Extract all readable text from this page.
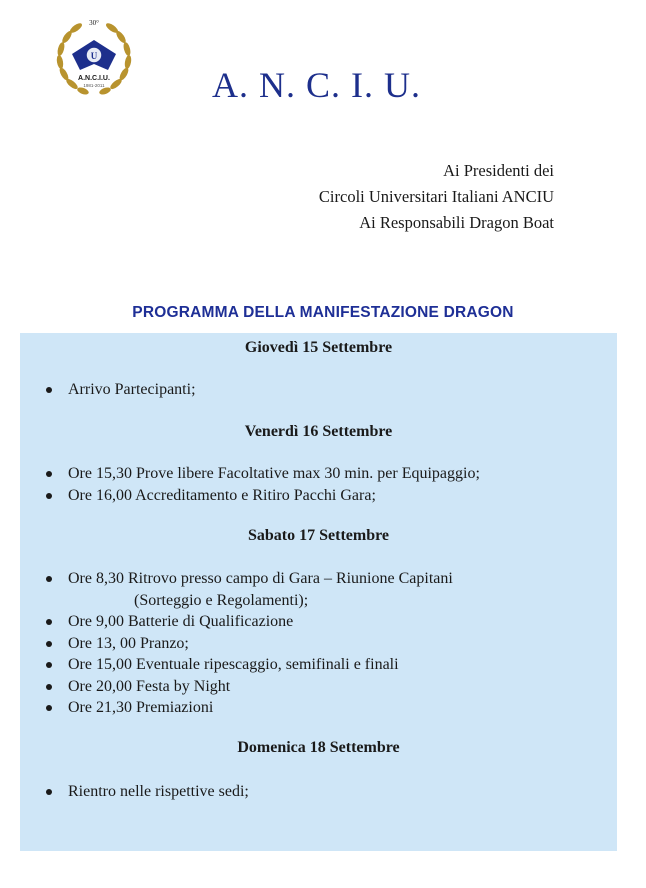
U
30°
A.N.C.I.U.
1981-2011	A. N. C. I. U.
Ai Presidenti dei
Circoli Universitari Italiani ANCIU
Ai Responsabili Dragon Boat
PROGRAMMA DELLA MANIFESTAZIONE DRAGON
Giovedì 15 Settembre
Arrivo Partecipanti;
Venerdì 16 Settembre
Ore 15,30 Prove libere Facoltative max 30 min. per Equipaggio;
Ore 16,00 Accreditamento e Ritiro Pacchi Gara;
Sabato 17 Settembre
Ore 8,30 Ritrovo presso campo di Gara – Riunione Capitani
(Sorteggio e Regolamenti);
Ore 9,00 Batterie di Qualificazione
Ore 13, 00 Pranzo;
Ore 15,00 Eventuale ripescaggio, semifinali e finali
Ore 20,00 Festa by Night
Ore 21,30 Premiazioni
Domenica 18 Settembre
Rientro nelle rispettive sedi;
